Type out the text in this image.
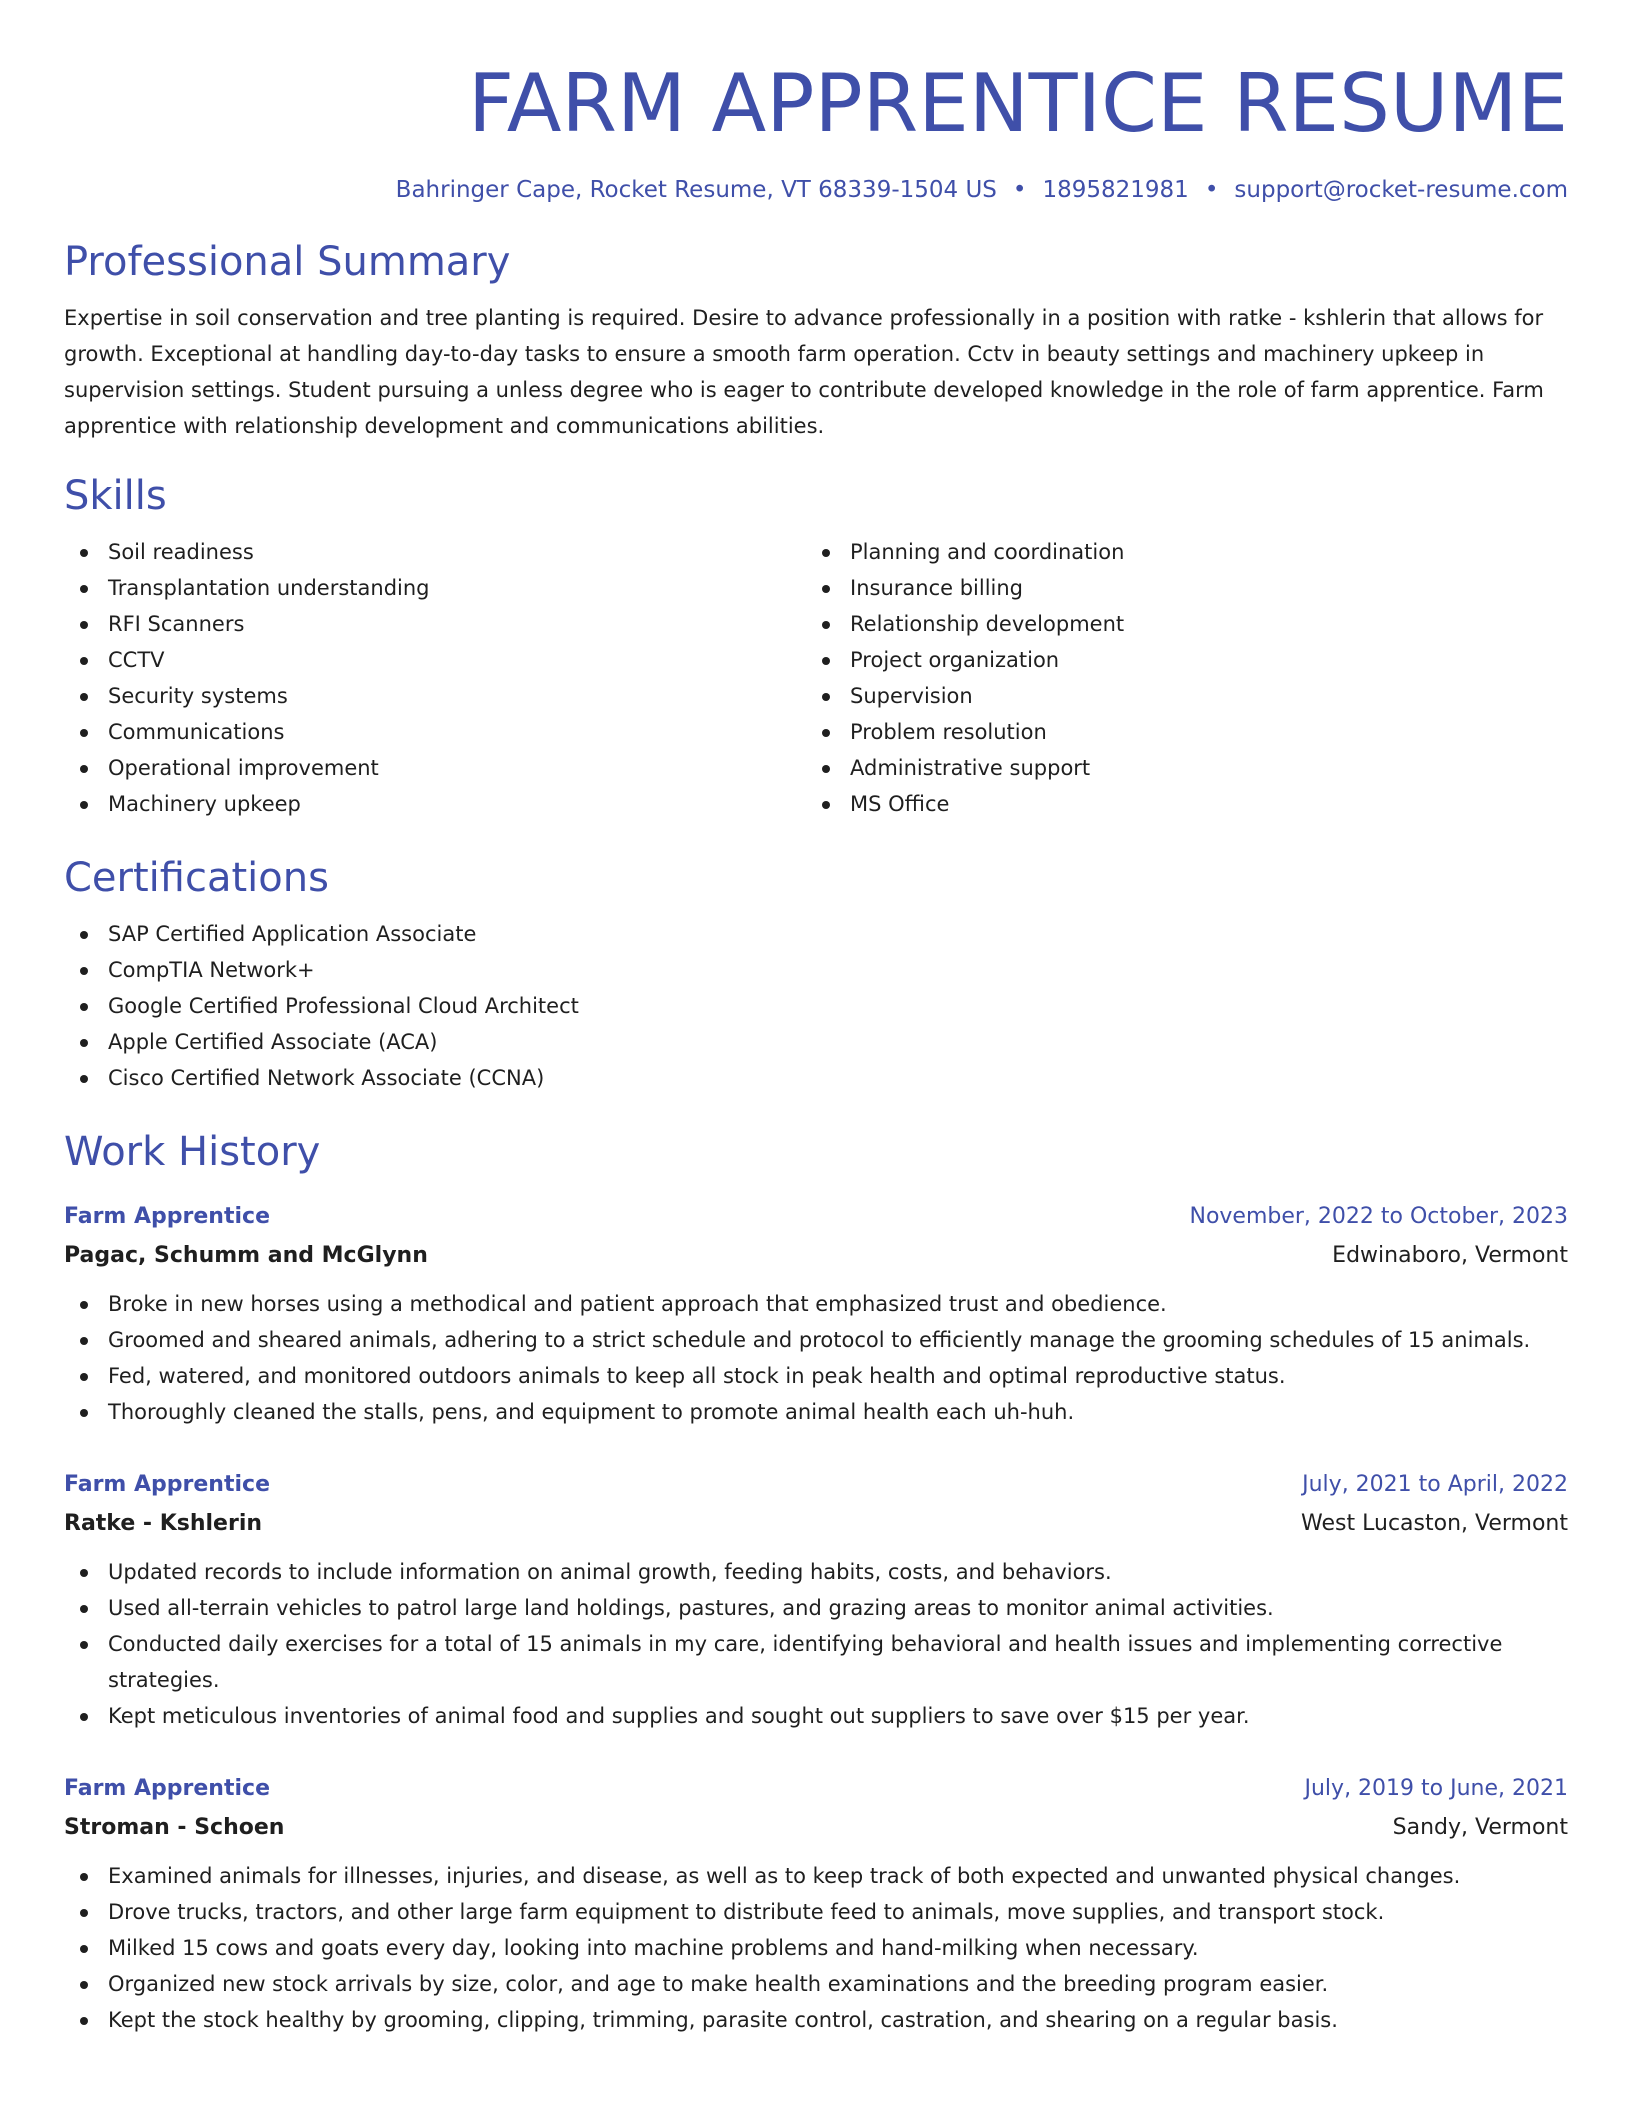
FARM APPRENTICE RESUME
Bahringer Cape, Rocket Resume, VT 68339-1504 US • 1895821981 • support@rocket-resume.com
Professional Summary

Expertise in soil conservation and tree planting is required. Desire to advance professionally in a position with ratke - kshlerin that allows for growth. Exceptional at handling day-to-day tasks to ensure a smooth farm operation. Cctv in beauty settings and machinery upkeep in supervision settings. Student pursuing a unless degree who is eager to contribute developed knowledge in the role of farm apprentice. Farm apprentice with relationship development and communications abilities.

Skills
Soil readiness
Transplantation understanding
RFI Scanners
CCTV
Security systems
Communications
Operational improvement
Machinery upkeep
Planning and coordination
Insurance billing
Relationship development
Project organization
Supervision
Problem resolution
Administrative support
MS Office
Certifications
SAP Certified Application Associate
CompTIA Network+
Google Certified Professional Cloud Architect
Apple Certified Associate (ACA)
Cisco Certified Network Associate (CCNA)
Work History
Farm Apprentice	November, 2022 to October, 2023
Pagac, Schumm and McGlynn	Edwinaboro, Vermont
Broke in new horses using a methodical and patient approach that emphasized trust and obedience.
Groomed and sheared animals, adhering to a strict schedule and protocol to efficiently manage the grooming schedules of 15 animals.
Fed, watered, and monitored outdoors animals to keep all stock in peak health and optimal reproductive status.
Thoroughly cleaned the stalls, pens, and equipment to promote animal health each uh-huh.
Farm Apprentice	July, 2021 to April, 2022
Ratke - Kshlerin	West Lucaston, Vermont
Updated records to include information on animal growth, feeding habits, costs, and behaviors.
Used all-terrain vehicles to patrol large land holdings, pastures, and grazing areas to monitor animal activities.
Conducted daily exercises for a total of 15 animals in my care, identifying behavioral and health issues and implementing corrective strategies.
Kept meticulous inventories of animal food and supplies and sought out suppliers to save over $15 per year.
Farm Apprentice	July, 2019 to June, 2021
Stroman - Schoen	Sandy, Vermont
Examined animals for illnesses, injuries, and disease, as well as to keep track of both expected and unwanted physical changes.
Drove trucks, tractors, and other large farm equipment to distribute feed to animals, move supplies, and transport stock.
Milked 15 cows and goats every day, looking into machine problems and hand-milking when necessary.
Organized new stock arrivals by size, color, and age to make health examinations and the breeding program easier.
Kept the stock healthy by grooming, clipping, trimming, parasite control, castration, and shearing on a regular basis.
